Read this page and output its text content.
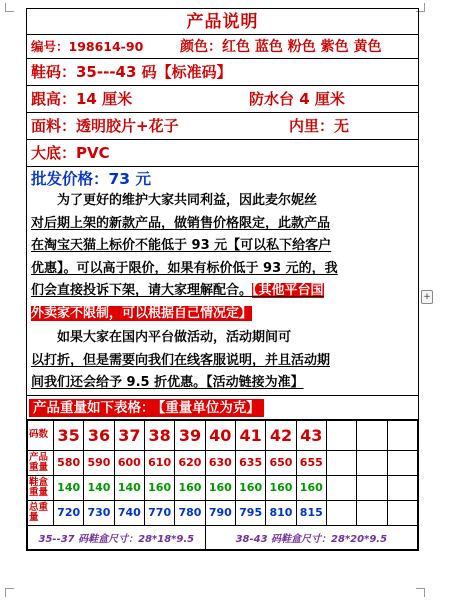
产品说明
编号：198614-90	颜色：红色 蓝色 粉色 紫色 黄色
鞋码：35---43 码【标准码】
跟高：14 厘米	防水台 4 厘米
面料：透明胶片+花子	内里：无
大底：PVC
批发价格：73 元
　　为了更好的维护大家共同利益，因此麦尔妮丝
对后期上架的新款产品，做销售价格限定，此款产品
在淘宝天猫上标价不能低于 93 元【可以私下给客户
优惠】。可以高于限价，如果有标价低于 93 元的，我
们会直接投诉下架，请大家理解配合。【其他平台国
外卖家不限制，可以根据自己情况定】
　　如果大家在国内平台做活动，活动期间可
以打折，但是需要向我们在线客服说明，并且活动期
间我们还会给予 9.5 折优惠。【活动链接为准】
产品重量如下表格： 【重量单位为克】
码数	35	36	37	38	39	40	41	42	43			
产品重量	580	590	600	610	620	630	635	650	655			
鞋盒重量	140	140	140	160	160	160	160	160	160			
总重量	720	730	740	770	780	790	795	810	815			
35--37 码鞋盒尺寸：28*18*9.5						38-43 码鞋盒尺寸：28*20*9.5						
+
